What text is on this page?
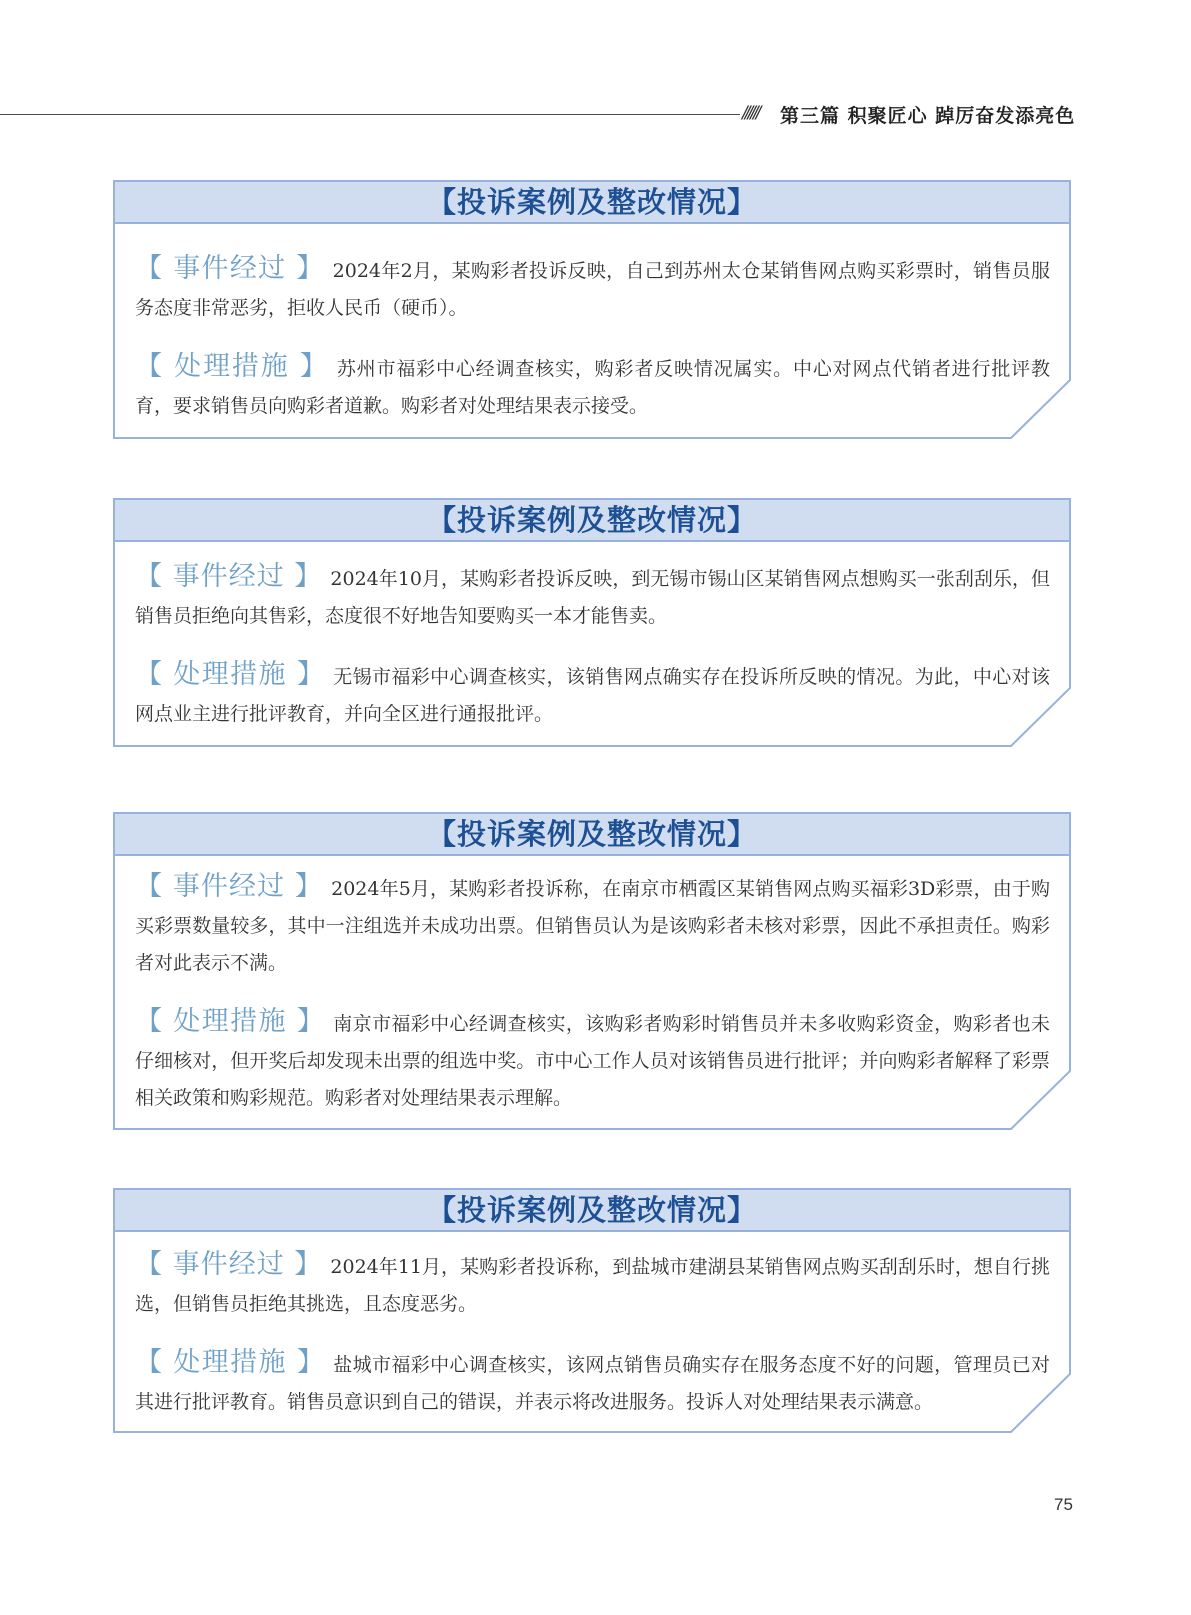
////// 第三篇 积聚匠心 踔厉奋发添亮色
【投诉案例及整改情况】

【 事件经过 】 2024年2月，某购彩者投诉反映，自己到苏州太仓某销售网点购买彩票时，销售员服务态度非常恶劣，拒收人民币（硬币）。

【 处理措施 】 苏州市福彩中心经调查核实，购彩者反映情况属实。中心对网点代销者进行批评教育，要求销售员向购彩者道歉。购彩者对处理结果表示接受。

【投诉案例及整改情况】

【 事件经过 】 2024年10月，某购彩者投诉反映，到无锡市锡山区某销售网点想购买一张刮刮乐，但销售员拒绝向其售彩，态度很不好地告知要购买一本才能售卖。

【 处理措施 】 无锡市福彩中心调查核实，该销售网点确实存在投诉所反映的情况。为此，中心对该网点业主进行批评教育，并向全区进行通报批评。

【投诉案例及整改情况】

【 事件经过 】 2024年5月，某购彩者投诉称，在南京市栖霞区某销售网点购买福彩3D彩票，由于购买彩票数量较多，其中一注组选并未成功出票。但销售员认为是该购彩者未核对彩票，因此不承担责任。购彩者对此表示不满。

【 处理措施 】 南京市福彩中心经调查核实，该购彩者购彩时销售员并未多收购彩资金，购彩者也未仔细核对，但开奖后却发现未出票的组选中奖。市中心工作人员对该销售员进行批评；并向购彩者解释了彩票相关政策和购彩规范。购彩者对处理结果表示理解。

【投诉案例及整改情况】

【 事件经过 】 2024年11月，某购彩者投诉称，到盐城市建湖县某销售网点购买刮刮乐时，想自行挑选，但销售员拒绝其挑选，且态度恶劣。

【 处理措施 】 盐城市福彩中心调查核实，该网点销售员确实存在服务态度不好的问题，管理员已对其进行批评教育。销售员意识到自己的错误，并表示将改进服务。投诉人对处理结果表示满意。

75
